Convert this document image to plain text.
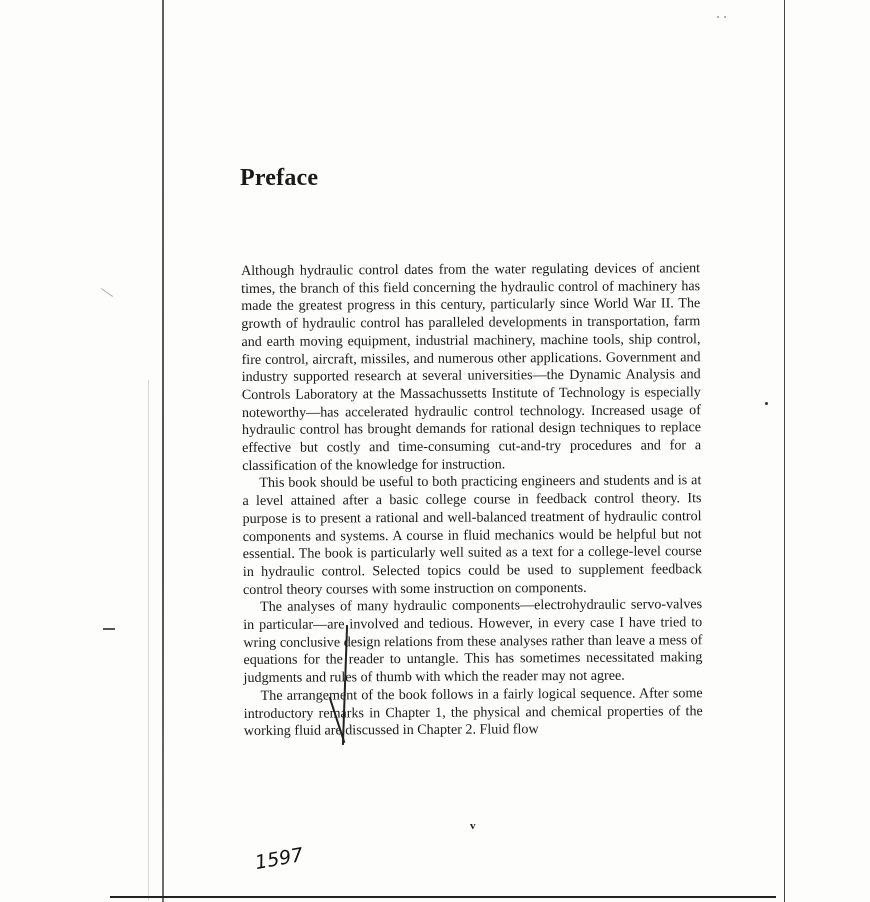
Preface

Although hydraulic control dates from the water regulating devices of ancient times, the branch of this field concerning the hydraulic control of machinery has made the greatest progress in this century, particularly since World War II. The growth of hydraulic control has paralleled developments in transportation, farm and earth moving equipment, industrial machinery, machine tools, ship control, fire control, aircraft, missiles, and numerous other applications. Government and industry supported research at several universities—the Dynamic Analysis and Controls Laboratory at the Massachussetts Institute of Technology is especially noteworthy—has accelerated hydraulic control technology. Increased usage of hydraulic control has brought demands for rational design techniques to replace effective but costly and time-consuming cut-and-try procedures and for a classification of the knowledge for instruction.

This book should be useful to both practicing engineers and students and is at a level attained after a basic college course in feedback control theory. Its purpose is to present a rational and well-balanced treatment of hydraulic control components and systems. A course in fluid mechanics would be helpful but not essential. The book is particularly well suited as a text for a college-level course in hydraulic control. Selected topics could be used to supplement feedback control theory courses with some instruction on components.

The analyses of many hydraulic components—electrohydraulic servo-valves in particular—are involved and tedious. However, in every case I have tried to wring conclusive design relations from these analyses rather than leave a mess of equations for the reader to untangle. This has sometimes necessitated making judgments and rules of thumb with which the reader may not agree.

The arrangement of the book follows in a fairly logical sequence. After some introductory remarks in Chapter 1, the physical and chemical properties of the working fluid are discussed in Chapter 2. Fluid flow

v
1597
